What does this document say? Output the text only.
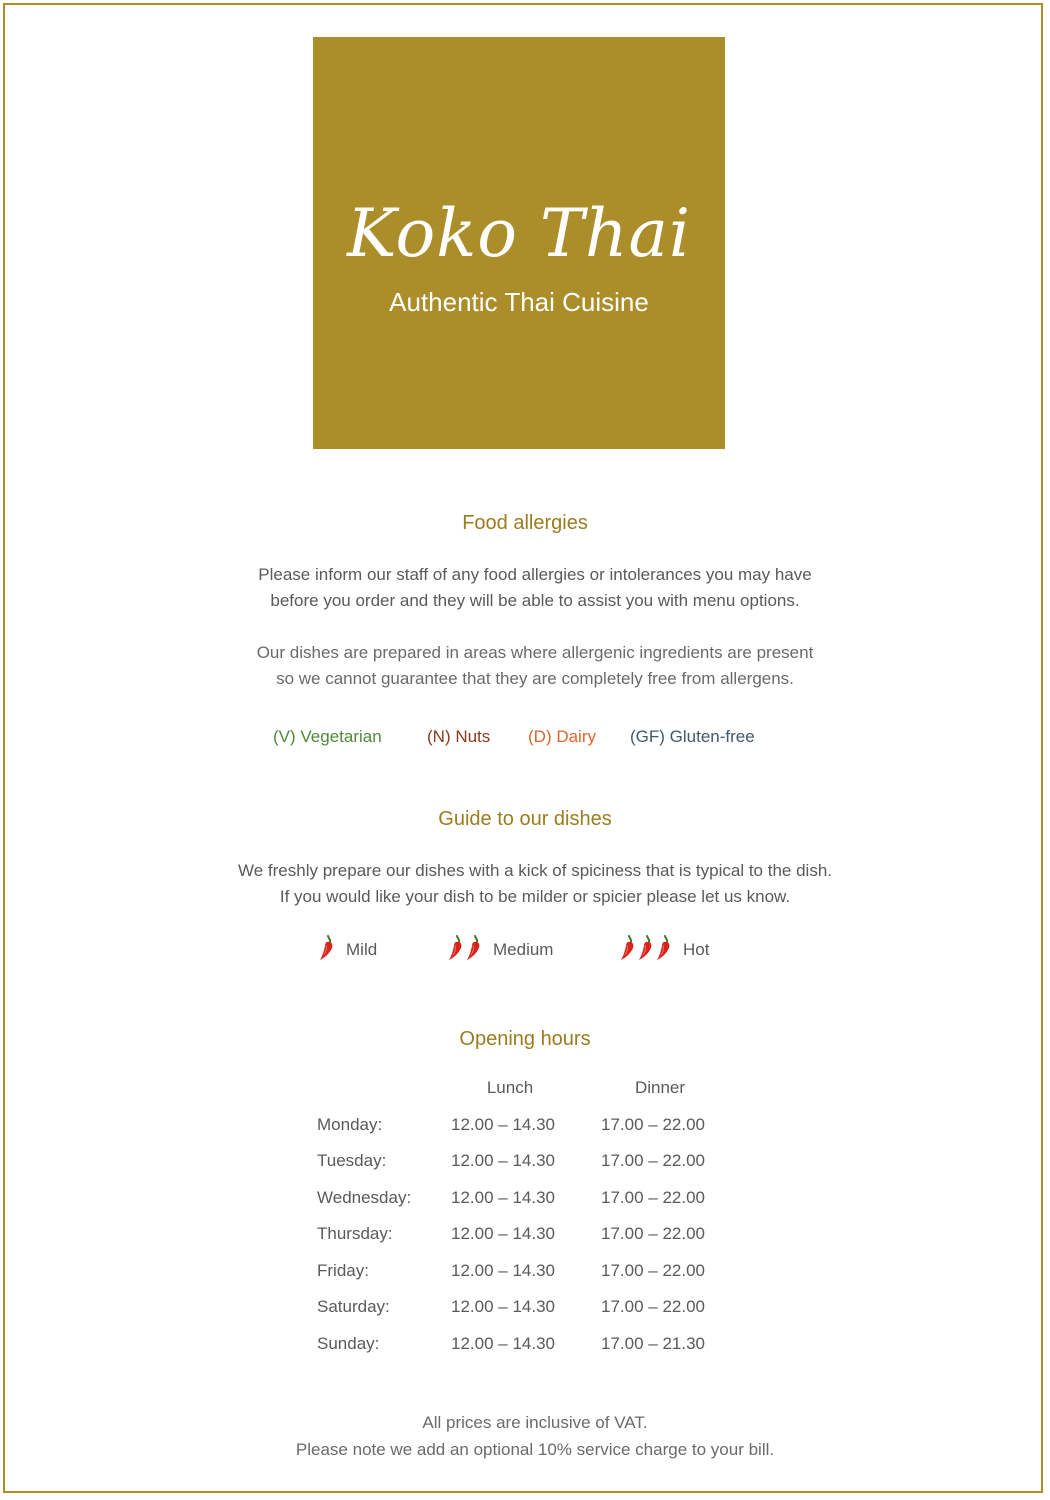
Koko Thai
Authentic Thai Cuisine
Food allergies
Please inform our staff of any food allergies or intolerances you may have
before you order and they will be able to assist you with menu options.
Our dishes are prepared in areas where allergenic ingredients are present
so we cannot guarantee that they are completely free from allergens.
(V) Vegetarian	(N) Nuts (D) Dairy (GF) Gluten-free
Guide to our dishes
We freshly prepare our dishes with a kick of spiciness that is typical to the dish.
If you would like your dish to be milder or spicier please let us know.
Mild	Medium	Hot
Opening hours
Lunch	Dinner
Monday:	12.00 – 14.30	17.00 – 22.00
Tuesday:	12.00 – 14.30	17.00 – 22.00
Wednesday: 12.00 – 14.30	17.00 – 22.00
Thursday:	12.00 – 14.30	17.00 – 22.00
Friday:	12.00 – 14.30	17.00 – 22.00
Saturday:	12.00 – 14.30	17.00 – 22.00
Sunday:	12.00 – 14.30	17.00 – 21.30
All prices are inclusive of VAT.
Please note we add an optional 10% service charge to your bill.
